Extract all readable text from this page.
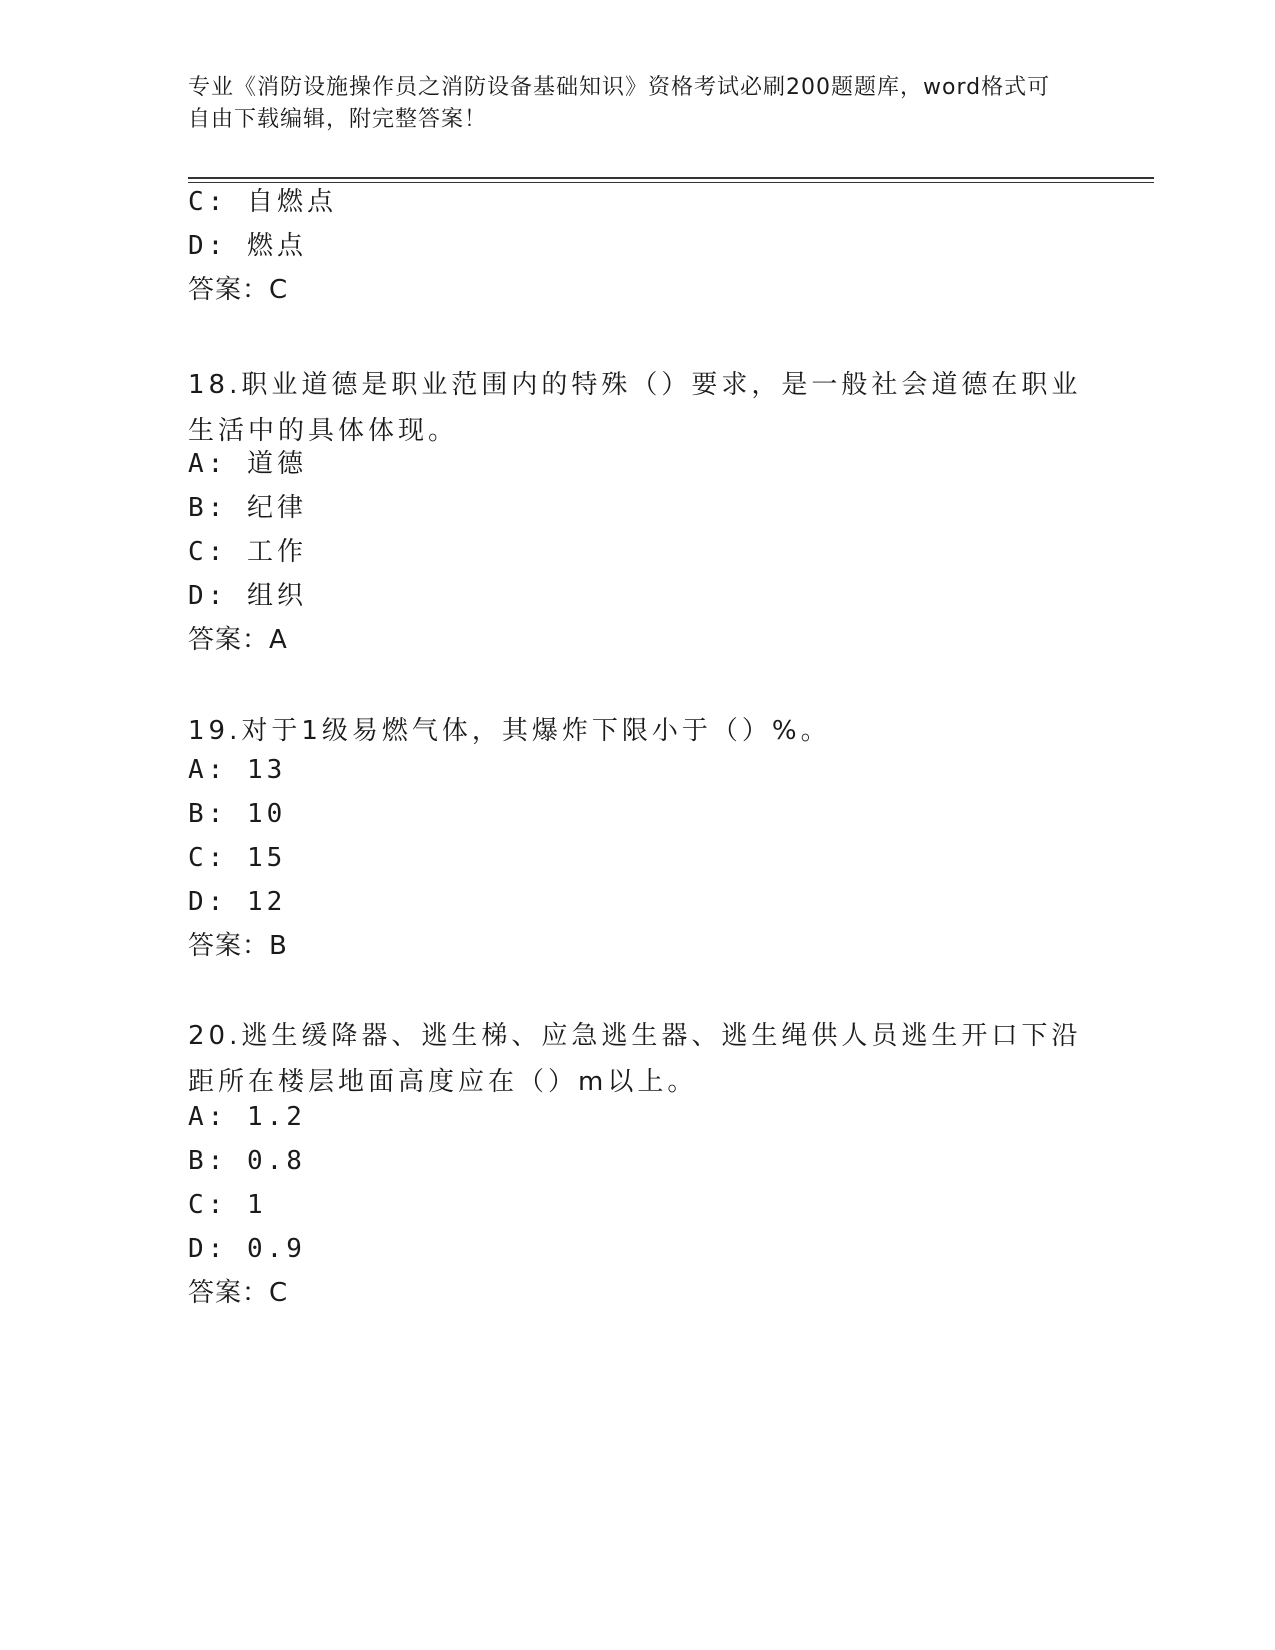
专业《消防设施操作员之消防设备基础知识》资格考试必刷200题题库，word格式可自由下载编辑，附完整答案！
C: 自燃点
D: 燃点
答案：C
18.职业道德是职业范围内的特殊（）要求，是一般社会道德在职业生活中的具体体现。
A: 道德
B: 纪律
C: 工作
D: 组织
答案：A
19.对于1级易燃气体，其爆炸下限小于（）%。
A: 13
B: 10
C: 15
D: 12
答案：B
20.逃生缓降器、逃生梯、应急逃生器、逃生绳供人员逃生开口下沿距所在楼层地面高度应在（）m以上。
A: 1.2
B: 0.8
C: 1
D: 0.9
答案：C
